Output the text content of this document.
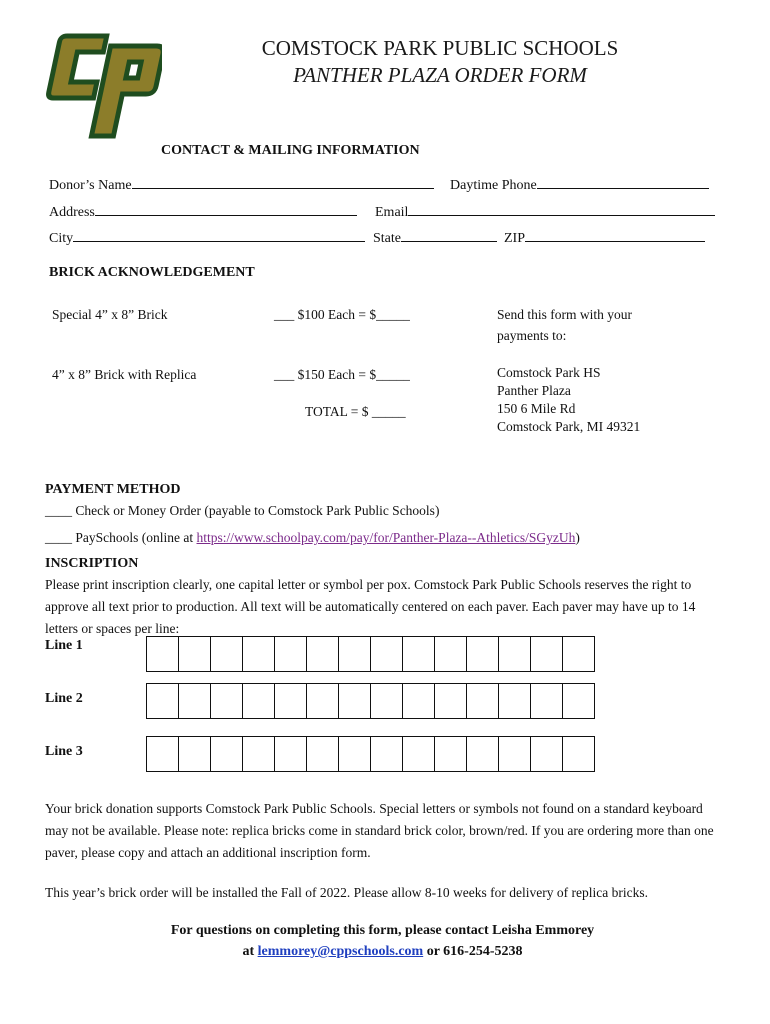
COMSTOCK PARK PUBLIC SCHOOLS
PANTHER PLAZA ORDER FORM
CONTACT & MAILING INFORMATION
Donor’s Name	Daytime Phone
Address	Email
City	State	ZIP
BRICK ACKNOWLEDGEMENT
Special 4” x 8” Brick	___ $100 Each = $_____
4” x 8” Brick with Replica	___ $150 Each = $_____
TOTAL = $ _____
Send this form with your
payments to:
Comstock Park HS
Panther Plaza
150 6 Mile Rd
Comstock Park, MI 49321
PAYMENT METHOD
____ Check or Money Order (payable to Comstock Park Public Schools)
____ PaySchools (online at https://www.schoolpay.com/pay/for/Panther-Plaza--Athletics/SGyzUh)
INSCRIPTION
Please print inscription clearly, one capital letter or symbol per pox. Comstock Park Public Schools reserves the right to approve all text prior to production. All text will be automatically centered on each paver. Each paver may have up to 14 letters or spaces per line:
Line 1
Line 2
Line 3
Your brick donation supports Comstock Park Public Schools. Special letters or symbols not found on a standard keyboard may not be available. Please note: replica bricks come in standard brick color, brown/red. If you are ordering more than one paver, please copy and attach an additional inscription form.
This year’s brick order will be installed the Fall of 2022. Please allow 8-10 weeks for delivery of replica bricks.
For questions on completing this form, please contact Leisha Emmorey
at lemmorey@cppschools.com or 616-254-5238
